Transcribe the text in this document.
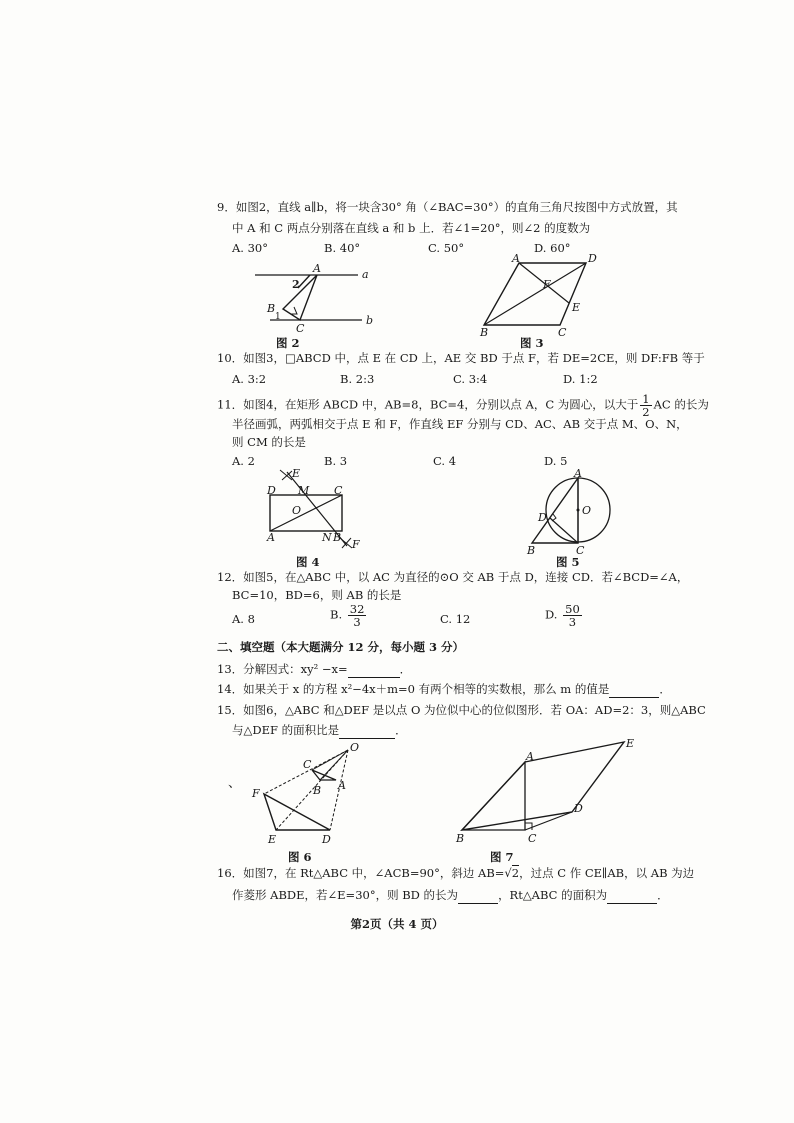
9．如图2，直线 a∥b，将一块含30° 角（∠BAC=30°）的直角三角尺按图中方式放置，其
中 A 和 C 两点分别落在直线 a 和 b 上．若∠1=20°，则∠2 的度数为
A. 30°	B. 40°	C. 50°	D. 60°
A	a
2
B
1
C
b
图 2
A	D
F
E
B	C
图 3
10．如图3，□ABCD 中，点 E 在 CD 上，AE 交 BD 于点 F，若 DE=2CE，则 DF:FB 等于
A. 3:2	B. 2:3	C. 3:4	D. 1:2
11．如图4，在矩形 ABCD 中，AB=8，BC=4，分别以点 A，C 为圆心，以大于 $\frac{1}{2}$ AC 的长为
半径画弧，两弧相交于点 E 和 F，作直线 EF 分别与 CD、AC、AB 交于点 M、O、N，
则 CM 的长是
A. 2	B. 3	C. 4	D. 5
E
D M C
O
A	N B
F
图 4
A
D
O
B	C
图 5
12．如图5，在△ABC 中，以 AC 为直径的⊙O 交 AB 于点 D，连接 CD．若∠BCD=∠A，
BC=10，BD=6，则 AB 的长是
A. 8	B. $\frac{32}{3}$	C. 12	D. $\frac{50}{3}$
二、填空题（本大题满分 12 分，每小题 3 分）
13．分解因式：xy² −x=	．
14．如果关于 x 的方程 x²−4x＋m=0 有两个相等的实数根，那么 m 的值是	．
15．如图6，△ABC 和△DEF 是以点 O 为位似中心的位似图形．若 OA：AD=2：3，则△ABC
与△DEF 的面积比是	．
、
O
C
B A
F
E	D
图 6
E
A
D
B	C
图 7
16．如图7，在 Rt△ABC 中，∠ACB=90°，斜边 AB=√2，过点 C 作 CE∥AB，以 AB 为边
作菱形 ABDE，若∠E=30°，则 BD 的长为	，Rt△ABC 的面积为	．
第2页（共 4 页）
